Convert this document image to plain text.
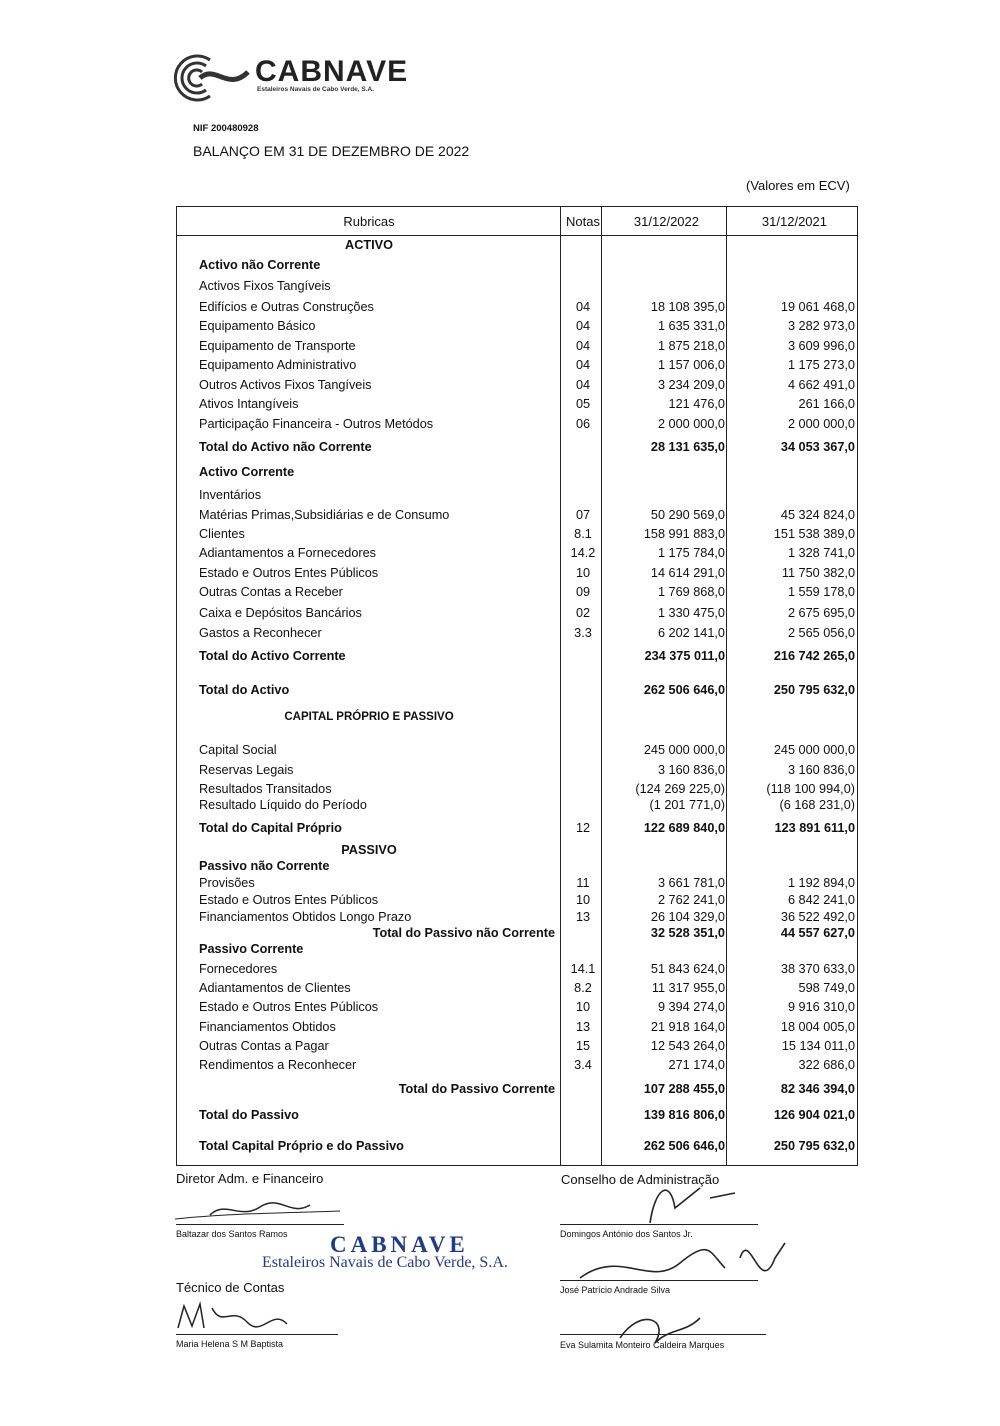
CABNAVE
Estaleiros Navais de Cabo Verde, S.A.
NIF 200480928
BALANÇO EM 31 DE DEZEMBRO DE 2022
(Valores em ECV)
Rubricas	Notas	31/12/2022	31/12/2021
ACTIVO
Activo não Corrente
Activos Fixos Tangíveis
Edifícios e Outras Construções	04	18 108 395,0	19 061 468,0
Equipamento Básico	04	1 635 331,0	3 282 973,0
Equipamento de Transporte	04	1 875 218,0	3 609 996,0
Equipamento Administrativo	04	1 157 006,0	1 175 273,0
Outros Activos Fixos Tangíveis	04	3 234 209,0	4 662 491,0
Ativos Intangíveis	05	121 476,0	261 166,0
Participação Financeira - Outros Metódos	06	2 000 000,0	2 000 000,0
Total do Activo não Corrente	28 131 635,0	34 053 367,0
Activo Corrente
Inventários
Matérias Primas,Subsidiárias e de Consumo	07	50 290 569,0	45 324 824,0
Clientes	8.1	158 991 883,0	151 538 389,0
Adiantamentos a Fornecedores	14.2	1 175 784,0	1 328 741,0
Estado e Outros Entes Públicos	10	14 614 291,0	11 750 382,0
Outras Contas a Receber	09	1 769 868,0	1 559 178,0
Caixa e Depósitos Bancários	02	1 330 475,0	2 675 695,0
Gastos a Reconhecer	3.3	6 202 141,0	2 565 056,0
Total do Activo Corrente	234 375 011,0	216 742 265,0
Total do Activo	262 506 646,0	250 795 632,0
CAPITAL PRÓPRIO E PASSIVO
Capital Social	245 000 000,0	245 000 000,0
Reservas Legais	3 160 836,0	3 160 836,0
Resultados Transitados	(124 269 225,0)	(118 100 994,0)
Resultado Líquido do Período	(1 201 771,0)	(6 168 231,0)
Total do Capital Próprio	12	122 689 840,0	123 891 611,0
PASSIVO
Passivo não Corrente
Provisões	11	3 661 781,0	1 192 894,0
Estado e Outros Entes Públicos	10	2 762 241,0	6 842 241,0
Financiamentos Obtidos Longo Prazo	13	26 104 329,0	36 522 492,0
Total do Passivo não Corrente	32 528 351,0	44 557 627,0
Passivo Corrente
Fornecedores	14.1	51 843 624,0	38 370 633,0
Adiantamentos de Clientes	8.2	11 317 955,0	598 749,0
Estado e Outros Entes Públicos	10	9 394 274,0	9 916 310,0
Financiamentos Obtidos	13	21 918 164,0	18 004 005,0
Outras Contas a Pagar	15	12 543 264,0	15 134 011,0
Rendimentos a Reconhecer	3.4	271 174,0	322 686,0
Total do Passivo Corrente	107 288 455,0	82 346 394,0
Total do Passivo	139 816 806,0	126 904 021,0
Total Capital Próprio e do Passivo	262 506 646,0	250 795 632,0
Diretor Adm. e Financeiro
Baltazar dos Santos Ramos CABNAVE
Estaleiros Navais de Cabo Verde, S.A.
Técnico de Contas
Maria Helena S M Baptista
Conselho de Administração
Domingos António dos Santos Jr.
José Patrício Andrade Silva
Eva Sulamita Monteiro Caldeira Marques
